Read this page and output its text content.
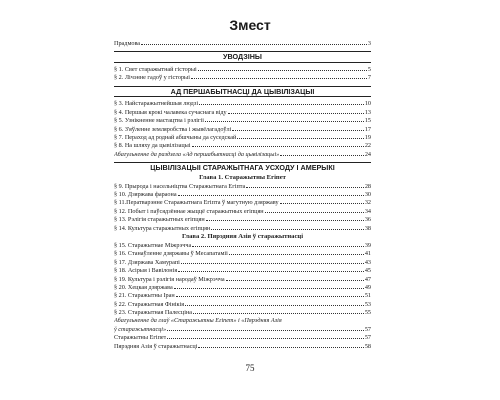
Змест
Прадмова	3
УВОДЗІНЫ
§ 1. Свет старажытнай гісторыі	5
§ 2. Лічэнне гадоў у гісторыі	7
АД ПЕРШАБЫТНАСЦІ ДА ЦЫВІЛІЗАЦЫІ
§ 3. Найстаражытнейшыя людзі	10
§ 4. Першыя крокі чалавека сучаснага віду	13
§ 5. Узнікненне мастацтва і рэлігіі	15
§ 6. З'яўленне земляробства і жывёлагадоўлі	17
§ 7. Пераход ад роднай абшчыны да суседскай	19
§ 8. На шляху да цывілізацыі	22
Абагульненне да раздзела «Ад першабытнасці да цывілізацыі»	24
ЦЫВІЛІЗАЦЫІ СТАРАЖЫТНАГА УСХОДУ І АМЕРЫКІ
Глава 1. Старажытны Егіпет
§ 9. Прырода і насельніцтва Старажытнага Егіпта	28
§ 10. Дзяржава фараона	30
§ 11.Ператварэнне Старажытнага Егіпта ў магутную дзяржаву	32
§ 12. Побыт і паўсядзённае жыццё старажытных егіпцян	34
§ 13. Рэлігія старажытных егіпцян	36
§ 14. Культура старажытных егіпцян	38
Глава 2. Пярэдняя Азія ў старажытнасці
§ 15. Старажытнае Міжрэчча	39
§ 16. Станаўленне дзяржавы ў Месапатаміі	41
§ 17. Дзяржава Хамурапі	43
§ 18. Асірыя і Вавілонія	45
§ 19. Культура і рэлігія народаў Міжрэчча	47
§ 20. Хецкая дзяржава	49
§ 21. Старажытны Іран	51
§ 22. Старажытная Фінікія	53
§ 23. Старажытная Палесціна	55
Абагульненне да глаў «Старажытны Егіпет» і «Пярэдняя Азія
ў старажытнасці»	57
Старажытны Егіпет	57
Пярэдняя Азія ў старажытнасці	58
75
